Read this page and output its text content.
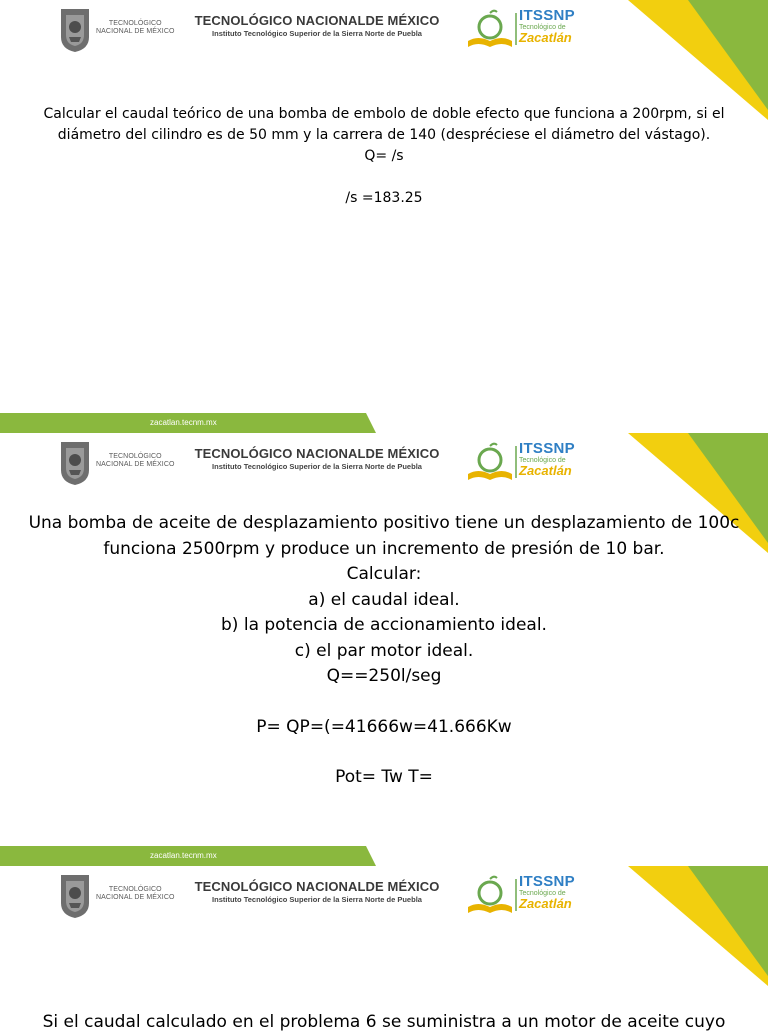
TECNOLÓGICO
NACIONAL DE MÉXICO
TECNOLÓGICO NACIONALDE MÉXICO
Instituto Tecnológico Superior de la Sierra Norte de Puebla
ITSSNP
Tecnológico de
Zacatlán
Calcular el caudal teórico de una bomba de embolo de doble efecto que funciona a 200rpm, si el
diámetro del cilindro es de 50 mm y la carrera de 140 (despréciese el diámetro del vástago).
Q= /s
/s =183.25
zacatlan.tecnm.mx
TECNOLÓGICO
NACIONAL DE MÉXICO
TECNOLÓGICO NACIONALDE MÉXICO
Instituto Tecnológico Superior de la Sierra Norte de Puebla
ITSSNP
Tecnológico de
Zacatlán
Una bomba de aceite de desplazamiento positivo tiene un desplazamiento de 100c
funciona 2500rpm y produce un incremento de presión de 10 bar.
Calcular:
a) el caudal ideal.
b) la potencia de accionamiento ideal.
c) el par motor ideal.
Q==250l/seg
P= QP=(=41666w=41.666Kw
Pot= Tw T=
zacatlan.tecnm.mx
TECNOLÓGICO
NACIONAL DE MÉXICO
TECNOLÓGICO NACIONALDE MÉXICO
Instituto Tecnológico Superior de la Sierra Norte de Puebla
ITSSNP
Tecnológico de
Zacatlán
Si el caudal calculado en el problema 6 se suministra a un motor de aceite cuyo
